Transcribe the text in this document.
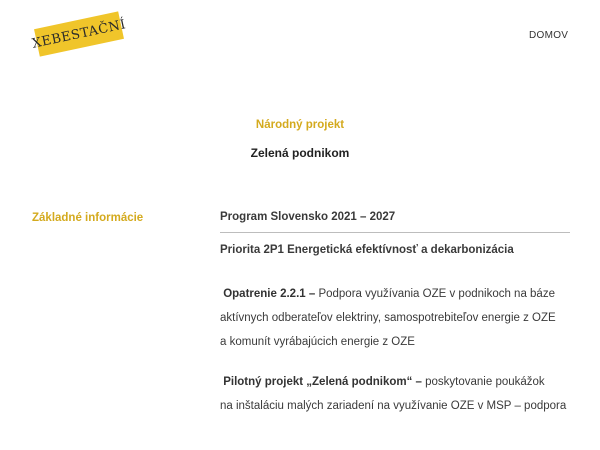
XEBESTAČNÍ	DOMOV
Národný projekt
Zelená podnikom
Základné informácie	Program Slovensko 2021 – 2027
Priorita 2P1 Energetická efektívnosť a dekarbonizácia
Opatrenie 2.2.1 – Podpora využívania OZE v podnikoch na báze
aktívnych odberateľov elektriny, samospotrebiteľov energie z OZE
a komunít vyrábajúcich energie z OZE
Pilotný projekt „Zelená podnikom“ – poskytovanie poukážok
na inštaláciu malých zariadení na využívanie OZE v MSP – podpora
